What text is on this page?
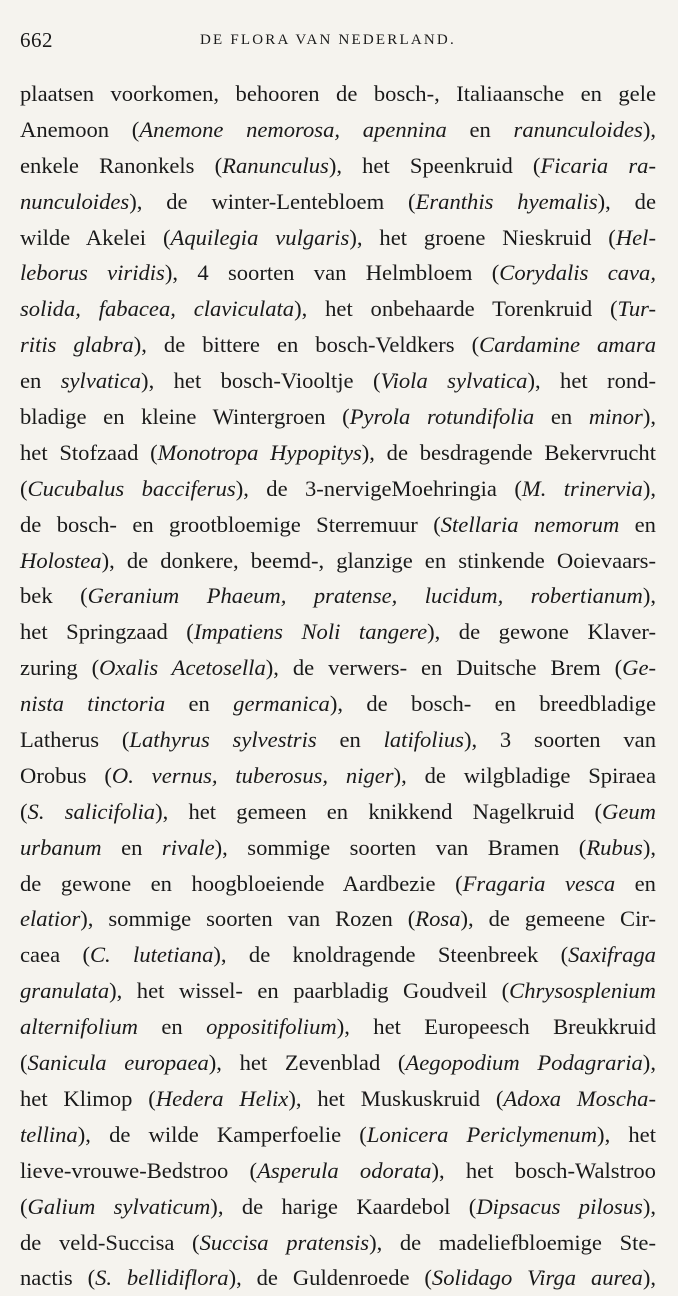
662	DE FLORA VAN NEDERLAND.
plaatsen voorkomen, behooren de bosch-, Italiaansche en gele
Anemoon (Anemone nemorosa, apennina en ranunculoides),
enkele Ranonkels (Ranunculus), het Speenkruid (Ficaria ra-
nunculoides), de winter-Lentebloem (Eranthis hyemalis), de
wilde Akelei (Aquilegia vulgaris), het groene Nieskruid (Hel-
leborus viridis), 4 soorten van Helmbloem (Corydalis cava,
solida, fabacea, claviculata), het onbehaarde Torenkruid (Tur-
ritis glabra), de bittere en bosch-Veldkers (Cardamine amara
en sylvatica), het bosch-Viooltje (Viola sylvatica), het rond-
bladige en kleine Wintergroen (Pyrola rotundifolia en minor),
het Stofzaad (Monotropa Hypopitys), de besdragende Bekervrucht
(Cucubalus bacciferus), de 3-nervigeMoehringia (M. trinervia),
de bosch- en grootbloemige Sterremuur (Stellaria nemorum en
Holostea), de donkere, beemd-, glanzige en stinkende Ooievaars-
bek (Geranium Phaeum, pratense, lucidum, robertianum),
het Springzaad (Impatiens Noli tangere), de gewone Klaver-
zuring (Oxalis Acetosella), de verwers- en Duitsche Brem (Ge-
nista tinctoria en germanica), de bosch- en breedbladige
Latherus (Lathyrus sylvestris en latifolius), 3 soorten van
Orobus (O. vernus, tuberosus, niger), de wilgbladige Spiraea
(S. salicifolia), het gemeen en knikkend Nagelkruid (Geum
urbanum en rivale), sommige soorten van Bramen (Rubus),
de gewone en hoogbloeiende Aardbezie (Fragaria vesca en
elatior), sommige soorten van Rozen (Rosa), de gemeene Cir-
caea (C. lutetiana), de knoldragende Steenbreek (Saxifraga
granulata), het wissel- en paarbladig Goudveil (Chrysosplenium
alternifolium en oppositifolium), het Europeesch Breukkruid
(Sanicula europaea), het Zevenblad (Aegopodium Podagraria),
het Klimop (Hedera Helix), het Muskuskruid (Adoxa Moscha-
tellina), de wilde Kamperfoelie (Lonicera Periclymenum), het
lieve-vrouwe-Bedstroo (Asperula odorata), het bosch-Walstroo
(Galium sylvaticum), de harige Kaardebol (Dipsacus pilosus),
de veld-Succisa (Succisa pratensis), de madeliefbloemige Ste-
nactis (S. bellidiflora), de Guldenroede (Solidago Virga aurea),
